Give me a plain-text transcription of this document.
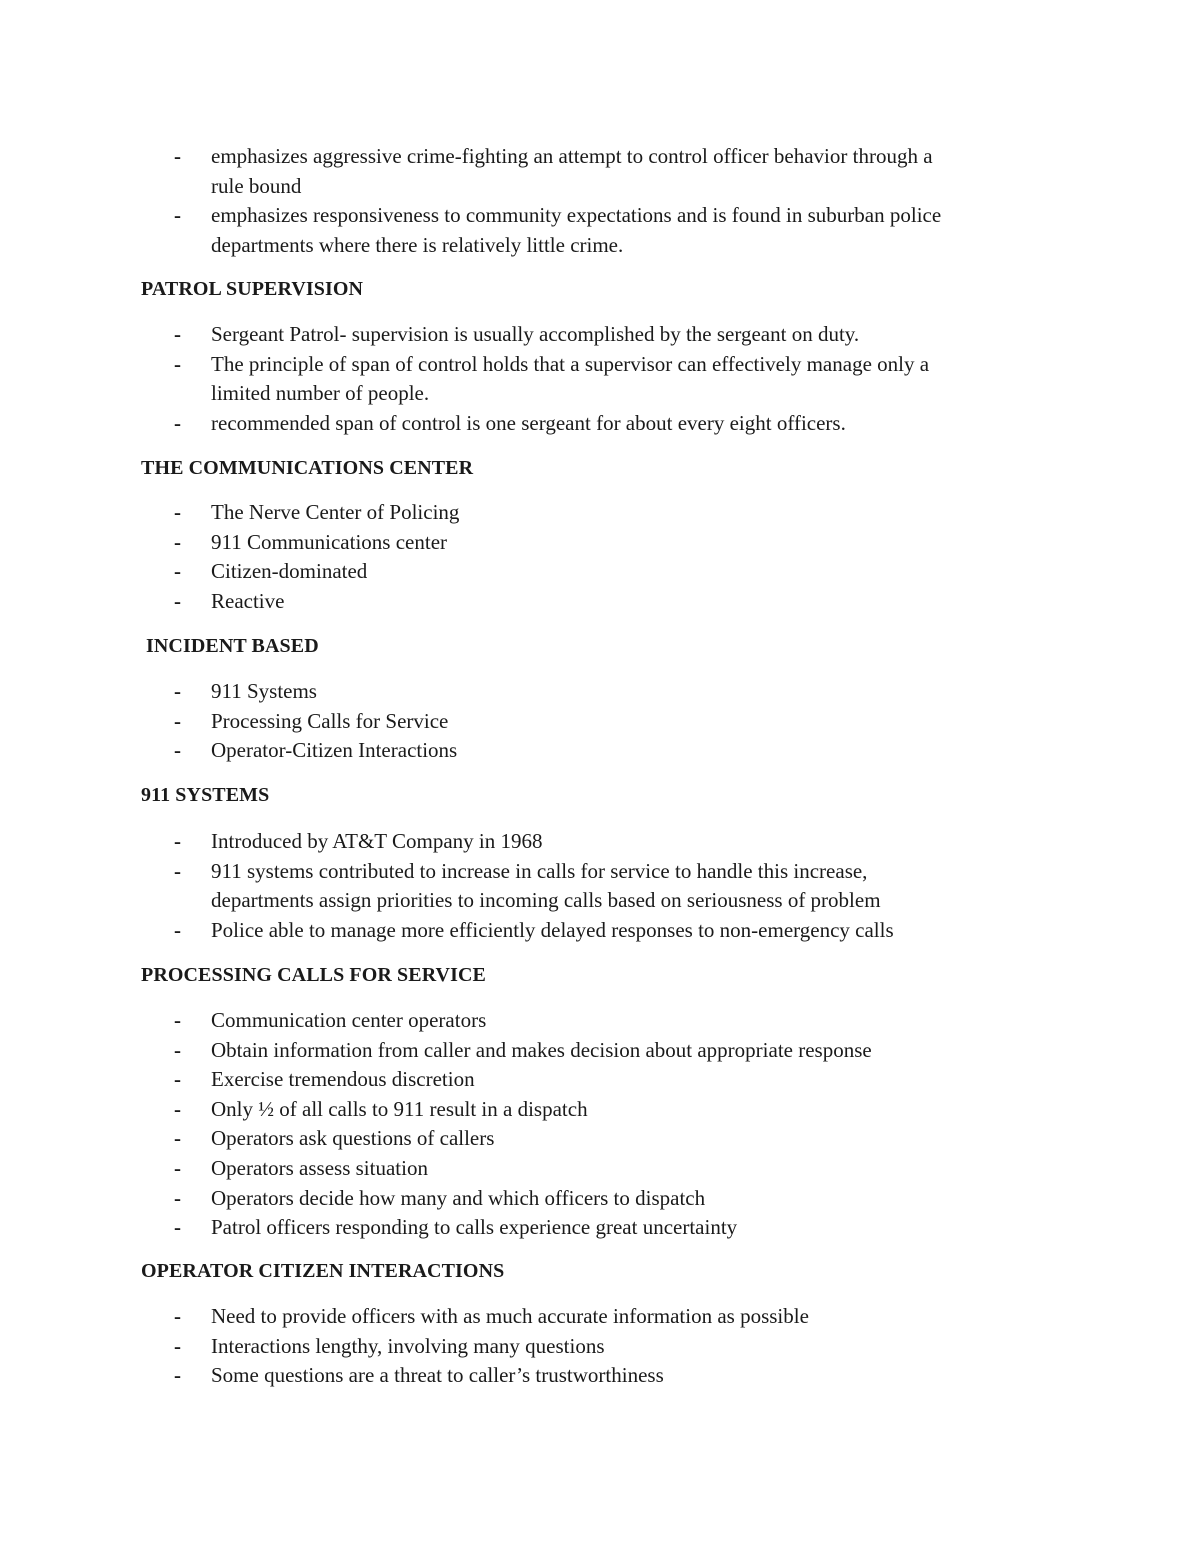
- emphasizes aggressive crime-fighting an attempt to control officer behavior through a
rule bound
- emphasizes responsiveness to community expectations and is found in suburban police
departments where there is relatively little crime.
PATROL SUPERVISION
- Sergeant Patrol- supervision is usually accomplished by the sergeant on duty.
- The principle of span of control holds that a supervisor can effectively manage only a
limited number of people.
- recommended span of control is one sergeant for about every eight officers.
THE COMMUNICATIONS CENTER
- The Nerve Center of Policing
- 911 Communications center
- Citizen-dominated
- Reactive
INCIDENT BASED
- 911 Systems
- Processing Calls for Service
- Operator-Citizen Interactions
911 SYSTEMS
- Introduced by AT&T Company in 1968
- 911 systems contributed to increase in calls for service to handle this increase,
departments assign priorities to incoming calls based on seriousness of problem
- Police able to manage more efficiently delayed responses to non-emergency calls
PROCESSING CALLS FOR SERVICE
- Communication center operators
- Obtain information from caller and makes decision about appropriate response
- Exercise tremendous discretion
- Only ½ of all calls to 911 result in a dispatch
- Operators ask questions of callers
- Operators assess situation
- Operators decide how many and which officers to dispatch
- Patrol officers responding to calls experience great uncertainty
OPERATOR CITIZEN INTERACTIONS
- Need to provide officers with as much accurate information as possible
- Interactions lengthy, involving many questions
- Some questions are a threat to caller’s trustworthiness
